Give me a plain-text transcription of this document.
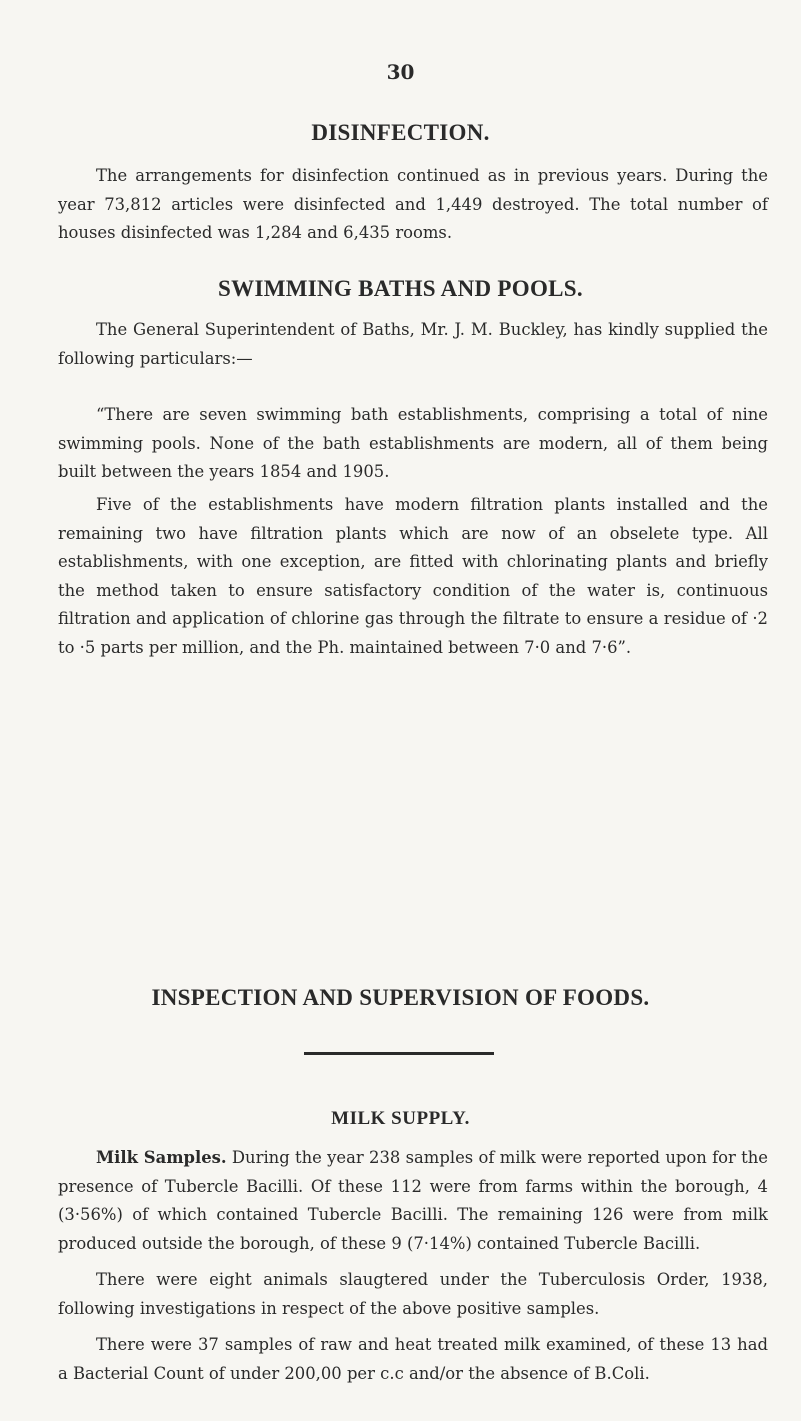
30
DISINFECTION.
The arrangements for disinfection continued as in previous years. During the year 73,812 articles were disinfected and 1,449 destroyed. The total number of houses disinfected was 1,284 and 6,435 rooms.
SWIMMING BATHS AND POOLS.
The General Superintendent of Baths, Mr. J. M. Buckley, has kindly supplied the following particulars:—
“There are seven swimming bath establishments, comprising a total of nine swimming pools. None of the bath establishments are modern, all of them being built between the years 1854 and 1905.
Five of the establishments have modern filtration plants installed and the remaining two have filtration plants which are now of an obselete type. All establishments, with one exception, are fitted with chlorinating plants and briefly the method taken to ensure satisfactory condition of the water is, continuous filtration and application of chlorine gas through the filtrate to ensure a residue of ·2 to ·5 parts per million, and the Ph. maintained between 7·0 and 7·6”.
INSPECTION AND SUPERVISION OF FOODS.
MILK SUPPLY.
Milk Samples. During the year 238 samples of milk were reported upon for the presence of Tubercle Bacilli. Of these 112 were from farms within the borough, 4 (3·56%) of which contained Tubercle Bacilli. The remaining 126 were from milk produced outside the borough, of these 9 (7·14%) contained Tubercle Bacilli.
There were eight animals slaugtered under the Tuberculosis Order, 1938, following investigations in respect of the above positive samples.
There were 37 samples of raw and heat treated milk examined, of these 13 had a Bacterial Count of under 200,00 per c.c and/or the absence of B.Coli.
